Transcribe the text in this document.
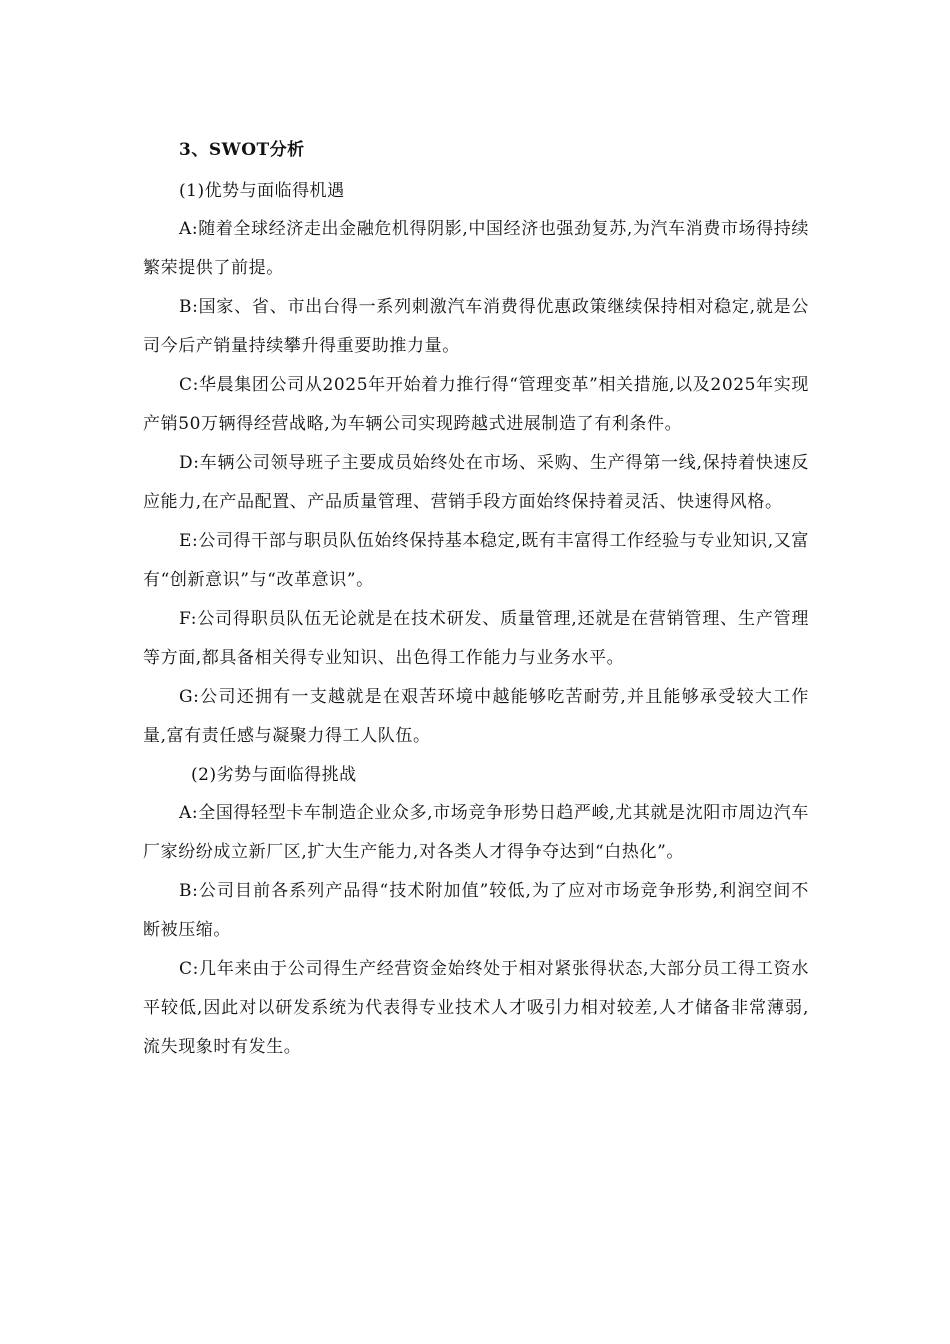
3、SWOT分析
(1)优势与面临得机遇

A:随着全球经济走出金融危机得阴影,中国经济也强劲复苏,为汽车消费市场得持续繁荣提供了前提。

B:国家、省、市出台得一系列刺激汽车消费得优惠政策继续保持相对稳定,就是公司今后产销量持续攀升得重要助推力量。

C:华晨集团公司从2025年开始着力推行得“管理变革”相关措施,以及2025年实现产销50万辆得经营战略,为车辆公司实现跨越式进展制造了有利条件。

D:车辆公司领导班子主要成员始终处在市场、采购、生产得第一线,保持着快速反应能力,在产品配置、产品质量管理、营销手段方面始终保持着灵活、快速得风格。

E:公司得干部与职员队伍始终保持基本稳定,既有丰富得工作经验与专业知识,又富有“创新意识”与“改革意识”。

F:公司得职员队伍无论就是在技术研发、质量管理,还就是在营销管理、生产管理等方面,都具备相关得专业知识、出色得工作能力与业务水平。

G:公司还拥有一支越就是在艰苦环境中越能够吃苦耐劳,并且能够承受较大工作量,富有责任感与凝聚力得工人队伍。

(2)劣势与面临得挑战

A:全国得轻型卡车制造企业众多,市场竞争形势日趋严峻,尤其就是沈阳市周边汽车厂家纷纷成立新厂区,扩大生产能力,对各类人才得争夺达到“白热化”。

B:公司目前各系列产品得“技术附加值”较低,为了应对市场竞争形势,利润空间不断被压缩。

C:几年来由于公司得生产经营资金始终处于相对紧张得状态,大部分员工得工资水平较低,因此对以研发系统为代表得专业技术人才吸引力相对较差,人才储备非常薄弱,流失现象时有发生。
